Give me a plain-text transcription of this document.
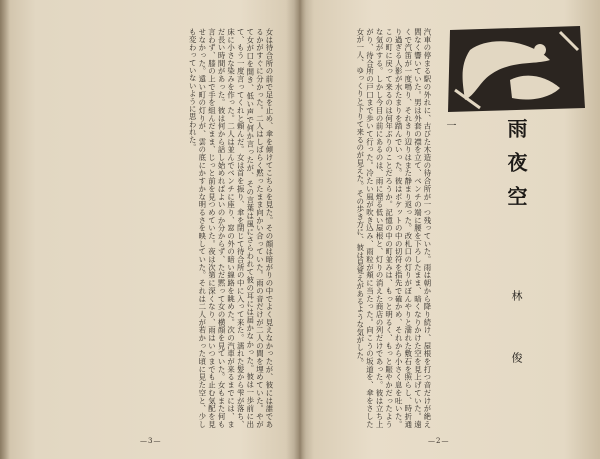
女は待合所の前で足を止め、傘を傾けてこちらを見た。その顔は暗がりの中でよく見えなかったが、彼には誰であるかがすぐに分かった。二人はしばらく黙ったまま向かい合っていた。雨の音だけが二人の間を埋めていた。やがて女が口を開き、低い声で何か言ったが、その言葉は風にさらわれて彼の耳には届かなかった。彼は一歩前に出て、もう一度言ってくれと頼んだ。女は首を振り、傘を閉じて待合所の中に入って来た。濡れた髪から雫が落ち、床に小さな染みを作った。二人は並んでベンチに座り、窓の外の暗い線路を眺めた。次の汽車が来るまでには、まだ長い時間があった。彼は何から話し始めればよいのか分からず、ただ黙って女の横顔を見ていた。女もまた何も言わず、膝の上で手を組んだまま、じっと前を見つめていた。夜は次第に深くなり、雨はいつまでも止む気配を見せなかった。遠い町の灯りが、雲の底にかすかな明るさを映していた。それは二人が若かった頃に見た空と、少しも変わっていないように思われた。
—3—
汽車の停まる駅の外れに、古びた木造の待合所が一つ残っていた。雨は朝から降り続け、屋根を打つ音だけが絶え間なく響いていた。男は外套の襟を立て、ベンチの端に腰を下ろしたまま、暗くなりかけた空を見上げていた。遠くで汽笛が一度鳴り、それきり辺りはまた静まり返った。改札口の灯りがぼんやりと濡れた敷石を照らし、時折通り過ぎる人影が水たまりを踏んでいった。彼はポケットの中の切符を指先で確かめ、それから小さく息を吐いた。この町に戻って来るのは何年ぶりのことだろうか。記憶の中の町並みは、もっと明るく、もっと賑やかだったような気がする。しかし今目の前にあるのは、雨に煙る低い屋根と、灯りの消えた商店の列だけであった。彼は立ち上がり、待合所の戸口まで歩いて行った。冷たい風が吹き込み、雨粒が頬に当たった。向こうの坂道を、傘をさした女が一人、ゆっくりと下りて来るのが見えた。その歩き方に、彼は見覚えがあるような気がした。
—2—
一 雨夜空
林　俊
